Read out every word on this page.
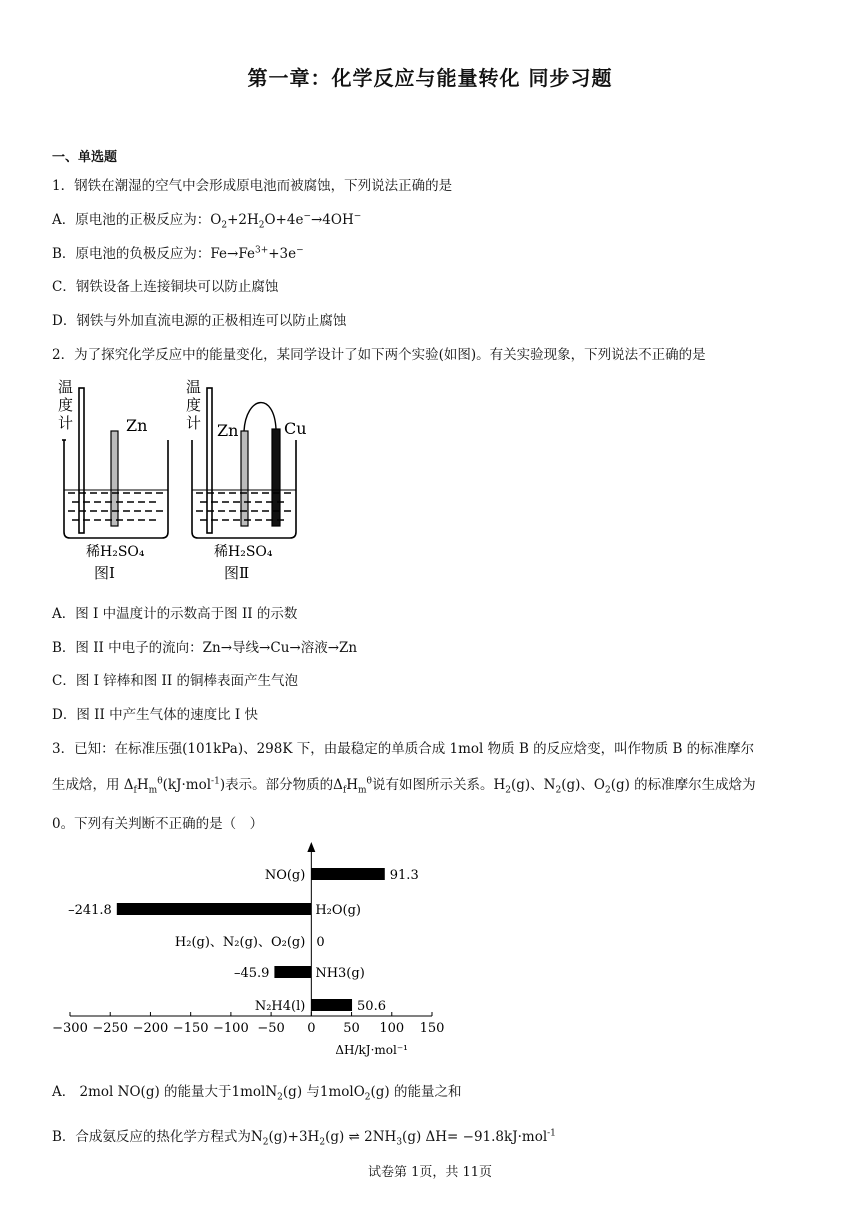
第一章：化学反应与能量转化 同步习题
一、单选题
1．钢铁在潮湿的空气中会形成原电池而被腐蚀，下列说法正确的是
A．原电池的正极反应为：$O_2+2H_2O+4e^-\to 4OH^-$
B．原电池的负极反应为：$Fe\to Fe^{3+}+3e^-$
C．钢铁设备上连接铜块可以防止腐蚀
D．钢铁与外加直流电源的正极相连可以防止腐蚀
2．为了探究化学反应中的能量变化，某同学设计了如下两个实验(如图)。有关实验现象，下列说法不正确的是
温
度
计	Zn
稀H₂SO₄
图Ⅰ
温
度
计 Zn	Cu
稀H₂SO₄
图Ⅱ
A．图 I 中温度计的示数高于图 II 的示数
B．图 II 中电子的流向：Zn→导线→Cu→溶液→Zn
C．图 I 锌棒和图 II 的铜棒表面产生气泡
D．图 II 中产生气体的速度比 I 快
3．已知：在标准压强(101kPa)、298K 下，由最稳定的单质合成 1mol 物质 B 的反应焓变，叫作物质 B 的标准摩尔
生成焓，用 $\Delta_fH_m^\theta(kJ\cdot mol^{-1})$表示。部分物质的$\Delta_fH_m^\theta$说有如图所示关系。$H_2(g)$、$N_2(g)$、$O_2(g)$ 的标准摩尔生成焓为
0。下列有关判断不正确的是（　）
−300 −250 −200 −150 −100 −50 0 50 100 150
ΔH/kJ·mol⁻¹
NO(g)	91.3
H₂O(g)
–241.8
H₂(g)、N₂(g)、O₂(g) 0
NH3(g)
–45.9
N₂H4(l)	50.6
A． 2mol NO(g) 的能量大于1molN$_2$(g) 与1molO$_2$(g) 的能量之和
B．合成氨反应的热化学方程式为$N_2(g)+3H_2(g)$ ⇌ $2NH_3(g)$ ΔH= −91.8kJ·mol$^{-1}$
试卷第 1页，共 11页
